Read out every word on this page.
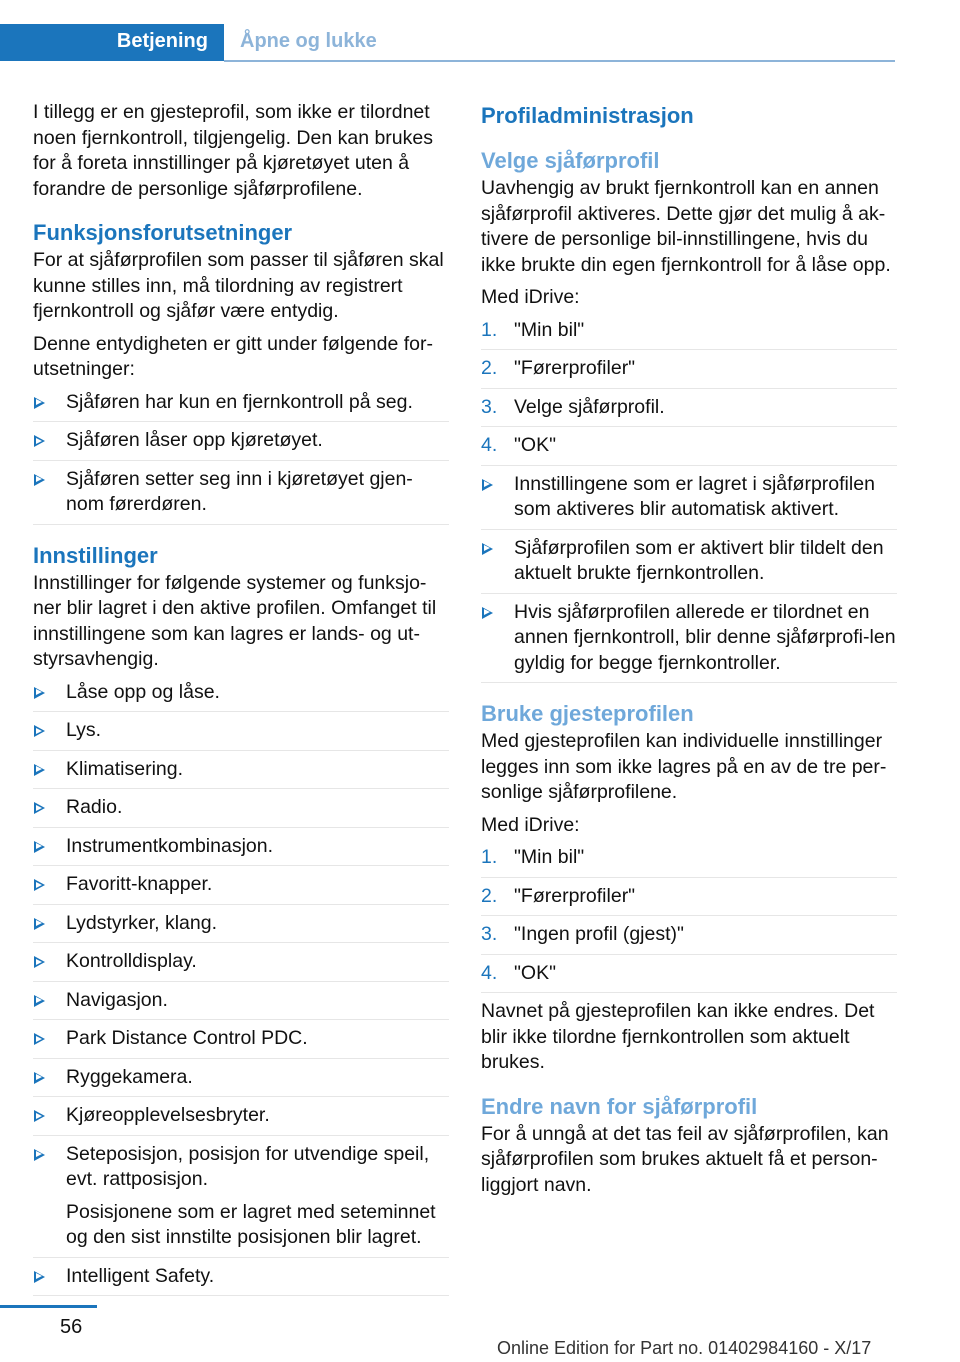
Betjening	Åpne og lukke

I tillegg er en gjesteprofil, som ikke er tilordnet noen fjernkontroll, tilgjengelig. Den kan brukes for å foreta innstillinger på kjøretøyet uten å forandre de personlige sjåførprofilene.

Funksjonsforutsetninger

For at sjåførprofilen som passer til sjåføren skal kunne stilles inn, må tilordning av registrert fjernkontroll og sjåfør være entydig.

Denne entydigheten er gitt under følgende for-utsetninger:

Sjåføren har kun en fjernkontroll på seg.
Sjåføren låser opp kjøretøyet.
Sjåføren setter seg inn i kjøretøyet gjen-nom førerdøren.
Innstillinger

Innstillinger for følgende systemer og funksjo-ner blir lagret i den aktive profilen. Omfanget til innstillingene som kan lagres er lands- og ut-styrsavhengig.

Låse opp og låse.
Lys.
Klimatisering.
Radio.
Instrumentkombinasjon.
Favoritt-knapper.
Lydstyrker, klang.
Kontrolldisplay.
Navigasjon.
Park Distance Control PDC.
Ryggekamera.
Kjøreopplevelsesbryter.
Seteposisjon, posisjon for utvendige speil, evt. rattposisjon.
Posisjonene som er lagret med seteminnet og den sist innstilte posisjonen blir lagret.
Intelligent Safety.
Profiladministrasjon
Velge sjåførprofil

Uavhengig av brukt fjernkontroll kan en annen sjåførprofil aktiveres. Dette gjør det mulig å ak-tivere de personlige bil-innstillingene, hvis du ikke brukte din egen fjernkontroll for å låse opp.

Med iDrive:

1. "Min bil"
2. "Førerprofiler"
3. Velge sjåførprofil.
4. "OK"
Innstillingene som er lagret i sjåførprofilen som aktiveres blir automatisk aktivert.
Sjåførprofilen som er aktivert blir tildelt den aktuelt brukte fjernkontrollen.
Hvis sjåførprofilen allerede er tilordnet en annen fjernkontroll, blir denne sjåførprofi-len gyldig for begge fjernkontroller.
Bruke gjesteprofilen

Med gjesteprofilen kan individuelle innstillinger legges inn som ikke lagres på en av de tre per-sonlige sjåførprofilene.

Med iDrive:

1. "Min bil"
2. "Førerprofiler"
3. "Ingen profil (gjest)"
4. "OK"

Navnet på gjesteprofilen kan ikke endres. Det blir ikke tilordne fjernkontrollen som aktuelt brukes.

Endre navn for sjåførprofil

For å unngå at det tas feil av sjåførprofilen, kan sjåførprofilen som brukes aktuelt få et person-liggjort navn.

56
Online Edition for Part no. 01402984160 - X/17
